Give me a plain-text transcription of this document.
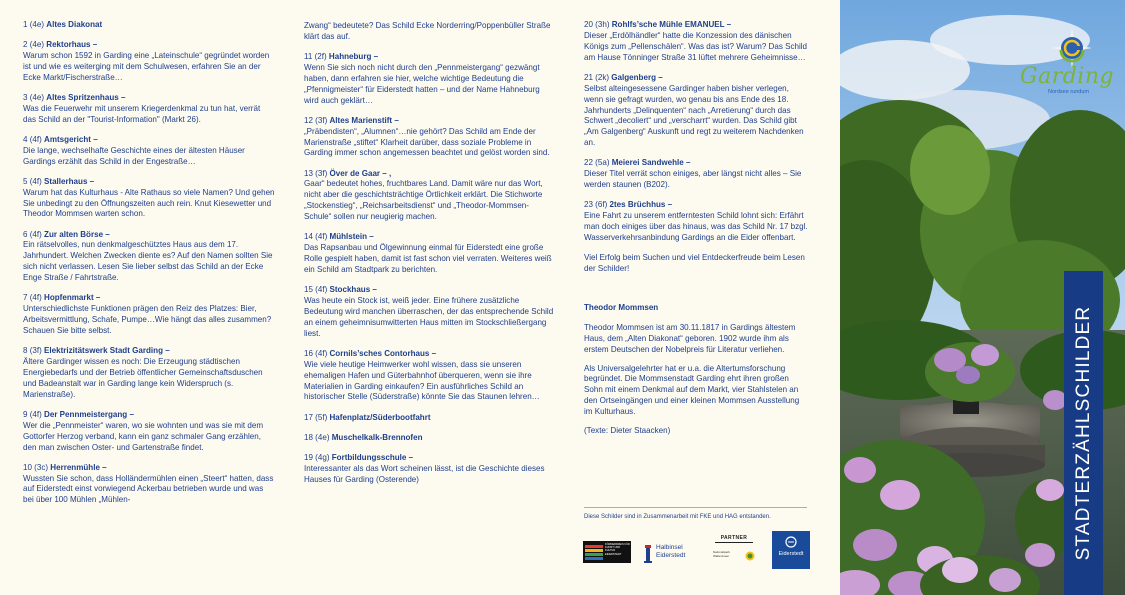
1 (4e) Altes Diakonat
2 (4e) Rektorhaus –
Warum schon 1592 in Garding eine „Lateinschule“ gegründet worden ist und wie es weiterging mit dem Schulwesen, erfahren Sie an der Ecke Markt/Fischerstraße…
3 (4e) Altes Spritzenhaus –
Was die Feuerwehr mit unserem Kriegerdenkmal zu tun hat, verrät das Schild an der "Tourist-Information" (Markt 26).
4 (4f) Amtsgericht –
Die lange, wechselhafte Geschichte eines der ältesten Häuser Gardings erzählt das Schild in der Engestraße…
5 (4f) Stallerhaus –
Warum hat das Kulturhaus - Alte Rathaus so viele Namen? Und gehen Sie unbedingt zu den Öffnungszeiten auch rein. Knut Kiesewetter und Theodor Mommsen warten schon.
6 (4f) Zur alten Börse –
Ein rätselvolles, nun denkmalgeschütztes Haus aus dem 17. Jahrhundert. Welchen Zwecken diente es? Auf den Namen sollten Sie sich nicht verlassen. Lesen Sie lieber selbst das Schild an der Ecke Enge Straße / Fahrtstraße.
7 (4f) Hopfenmarkt –
Unterschiedlichste Funktionen prägen den Reiz des Platzes: Bier, Arbeitsvermittlung, Schafe, Pumpe…Wie hängt das alles zusammen? Schauen Sie bitte selbst.
8 (3f) Elektrizitätswerk Stadt Garding –
Ältere Gardinger wissen es noch: Die Erzeugung städtischen Energiebedarfs und der Betrieb öffentlicher Gemeinschaftsduschen und Badeanstalt war in Garding lange kein Widerspruch (s. Marienstraße).
9 (4f) Der Pennmeistergang –
Wer die „Pennmeister“ waren, wo sie wohnten und was sie mit dem Gottorfer Herzog verband, kann ein ganz schmaler Gang erzählen, den man zwischen Oster- und Gartenstraße findet.
10 (3c) Herrenmühle –
Wussten Sie schon, dass Holländermühlen einen „Steert“ hatten, dass auf Eiderstedt einst vorwiegend Ackerbau betrieben wurde und was bei über 100 Mühlen „Mühlen-
Zwang“ bedeutete? Das Schild Ecke Norderring/Poppenbüller Straße klärt das auf.
11 (2f) Hahneburg –
Wenn Sie sich noch nicht durch den „Pennmeistergang“ gezwängt haben, dann erfahren sie hier, welche wichtige Bedeutung die „Pfennigmeister“ für Eiderstedt hatten – und der Name Hahneburg wird auch geklärt…
12 (3f) Altes Marienstift –
„Präbendisten“, „Alumnen“…nie gehört? Das Schild am Ende der Marienstraße „stiftet“ Klarheit darüber, dass soziale Probleme in Garding immer schon angemessen beachtet und gelöst worden sind.
13 (3f) Över de Gaar – ,
Gaar“ bedeutet hohes, fruchtbares Land. Damit wäre nur das Wort, nicht aber die geschichtsträchtige Örtlichkeit erklärt. Die Stichworte „Stockenstieg“, „Reichsarbeitsdienst“ und „Theodor-Mommsen-Schule“ sollen nur neugierig machen.
14 (4f) Mühlstein –
Das Rapsanbau und Ölgewinnung einmal für Eiderstedt eine große Rolle gespielt haben, damit ist fast schon viel verraten. Weiteres weiß ein Schild am Stadtpark zu berichten.
15 (4f) Stockhaus –
Was heute ein Stock ist, weiß jeder. Eine frühere zusätzliche Bedeutung wird manchen überraschen, der das entsprechende Schild an einem geheimnisumwitterten Haus mitten im Stockschließergang liest.
16 (4f) Cornils’sches Contorhaus –
Wie viele heutige Heimwerker wohl wissen, dass sie unseren ehemaligen Hafen und Güterbahnhof überqueren, wenn sie ihre Materialien in Garding einkaufen? Ein ausführliches Schild an historischer Stelle (Süderstraße) könnte Sie das Staunen lehren…
17 (5f) Hafenplatz/Süderbootfahrt
18 (4e) Muschelkalk-Brennofen
19 (4g) Fortbildungsschule –
Interessanter als das Wort scheinen lässt, ist die Geschichte dieses Hauses für Garding (Osterende)
20 (3h) Rohlfs’sche Mühle EMANUEL –
Dieser „Erdölhändler“ hatte die Konzession des dänischen Königs zum „Pellenschälen“. Was das ist? Warum? Das Schild am Hause Tönninger Straße 31 lüftet mehrere Geheimnisse…
21 (2k) Galgenberg –
Selbst alteingesessene Gardinger haben bisher verlegen, wenn sie gefragt wurden, wo genau bis ans Ende des 18. Jahrhunderts „Delinquenten“ nach „Arretierung“ durch das Schwert „decoliert“ und „verscharrt“ wurden. Das Schild gibt „Am Galgenberg“ Auskunft und regt zu weiterem Nachdenken an.
22 (5a) Meierei Sandwehle –
Dieser Titel verrät schon einiges, aber längst nicht alles – Sie werden staunen (B202).
23 (6f) 2tes Brüchhus –
Eine Fahrt zu unserem entferntesten Schild lohnt sich: Erfährt man doch einiges über das hinaus, was das Schild Nr. 17 bzgl. Wasserverkehrsanbindung Gardings an die Eider offenbart.

Viel Erfolg beim Suchen und viel Entdeckerfreude beim Lesen der Schilder!

Theodor Mommsen

Theodor Mommsen ist am 30.11.1817 in Gardings ältestem Haus, dem „Alten Diakonat“ geboren. 1902 wurde ihm als erstem Deutschen der Nobelpreis für Literatur verliehen.

Als Universalgelehrter hat er u.a. die Altertumsforschung begründet. Die Mommsenstadt Garding ehrt ihren großen Sohn mit einem Denkmal auf dem Markt, vier Stahlstelen an den Ortseingängen und einer kleinen Mommsen Ausstellung im Kulturhaus.

(Texte: Dieter Staacken)

Diese Schilder sind in Zusammenarbeit mit FKE und HAG entstanden.
FÖRDERKREIS FÜR KUNST UND KULTUR EIDERSTEDT
Halbinsel
Eiderstedt
PARTNER
Nationalpark Wattenmeer	Eiderstedt
Garding
Nordsee rundum
STADTERZÄHLSCHILDER
